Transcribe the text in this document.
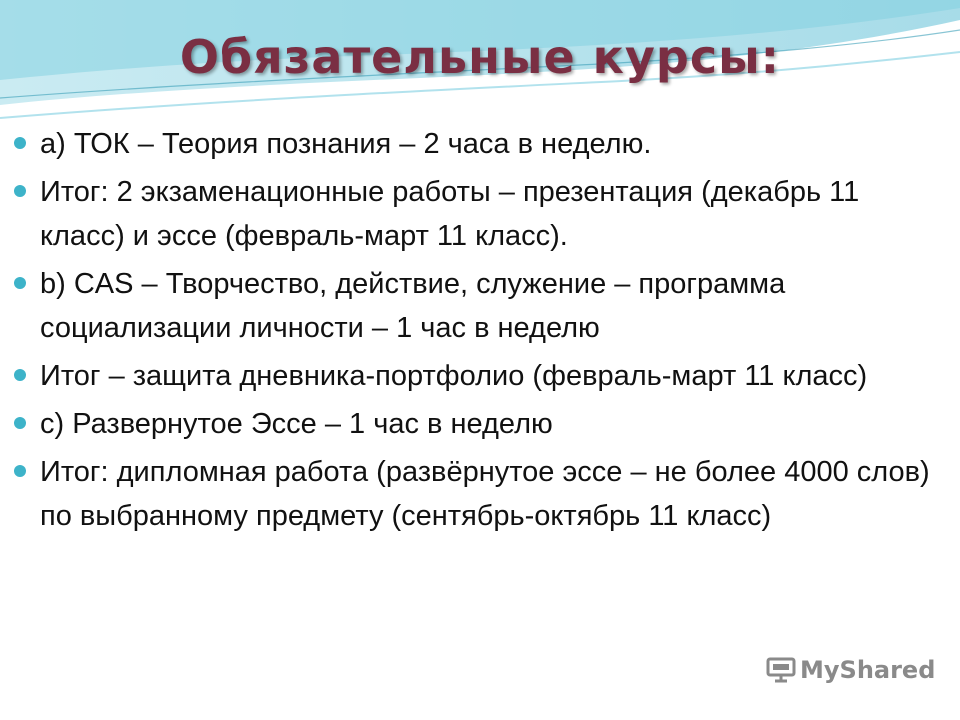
Обязательные курсы:
а) ТОК – Теория познания – 2 часа в неделю.
Итог: 2 экзаменационные работы – презентация (декабрь 11 класс) и эссе (февраль-март 11 класс).
b) CAS – Творчество, действие, служение – программа социализации личности – 1 час в неделю
Итог – защита дневника-портфолио (февраль-март 11 класс)
с) Развернутое Эссе – 1 час в неделю
Итог: дипломная работа (развёрнутое эссе – не более 4000 слов) по выбранному предмету (сентябрь-октябрь 11 класс)
MyShared
